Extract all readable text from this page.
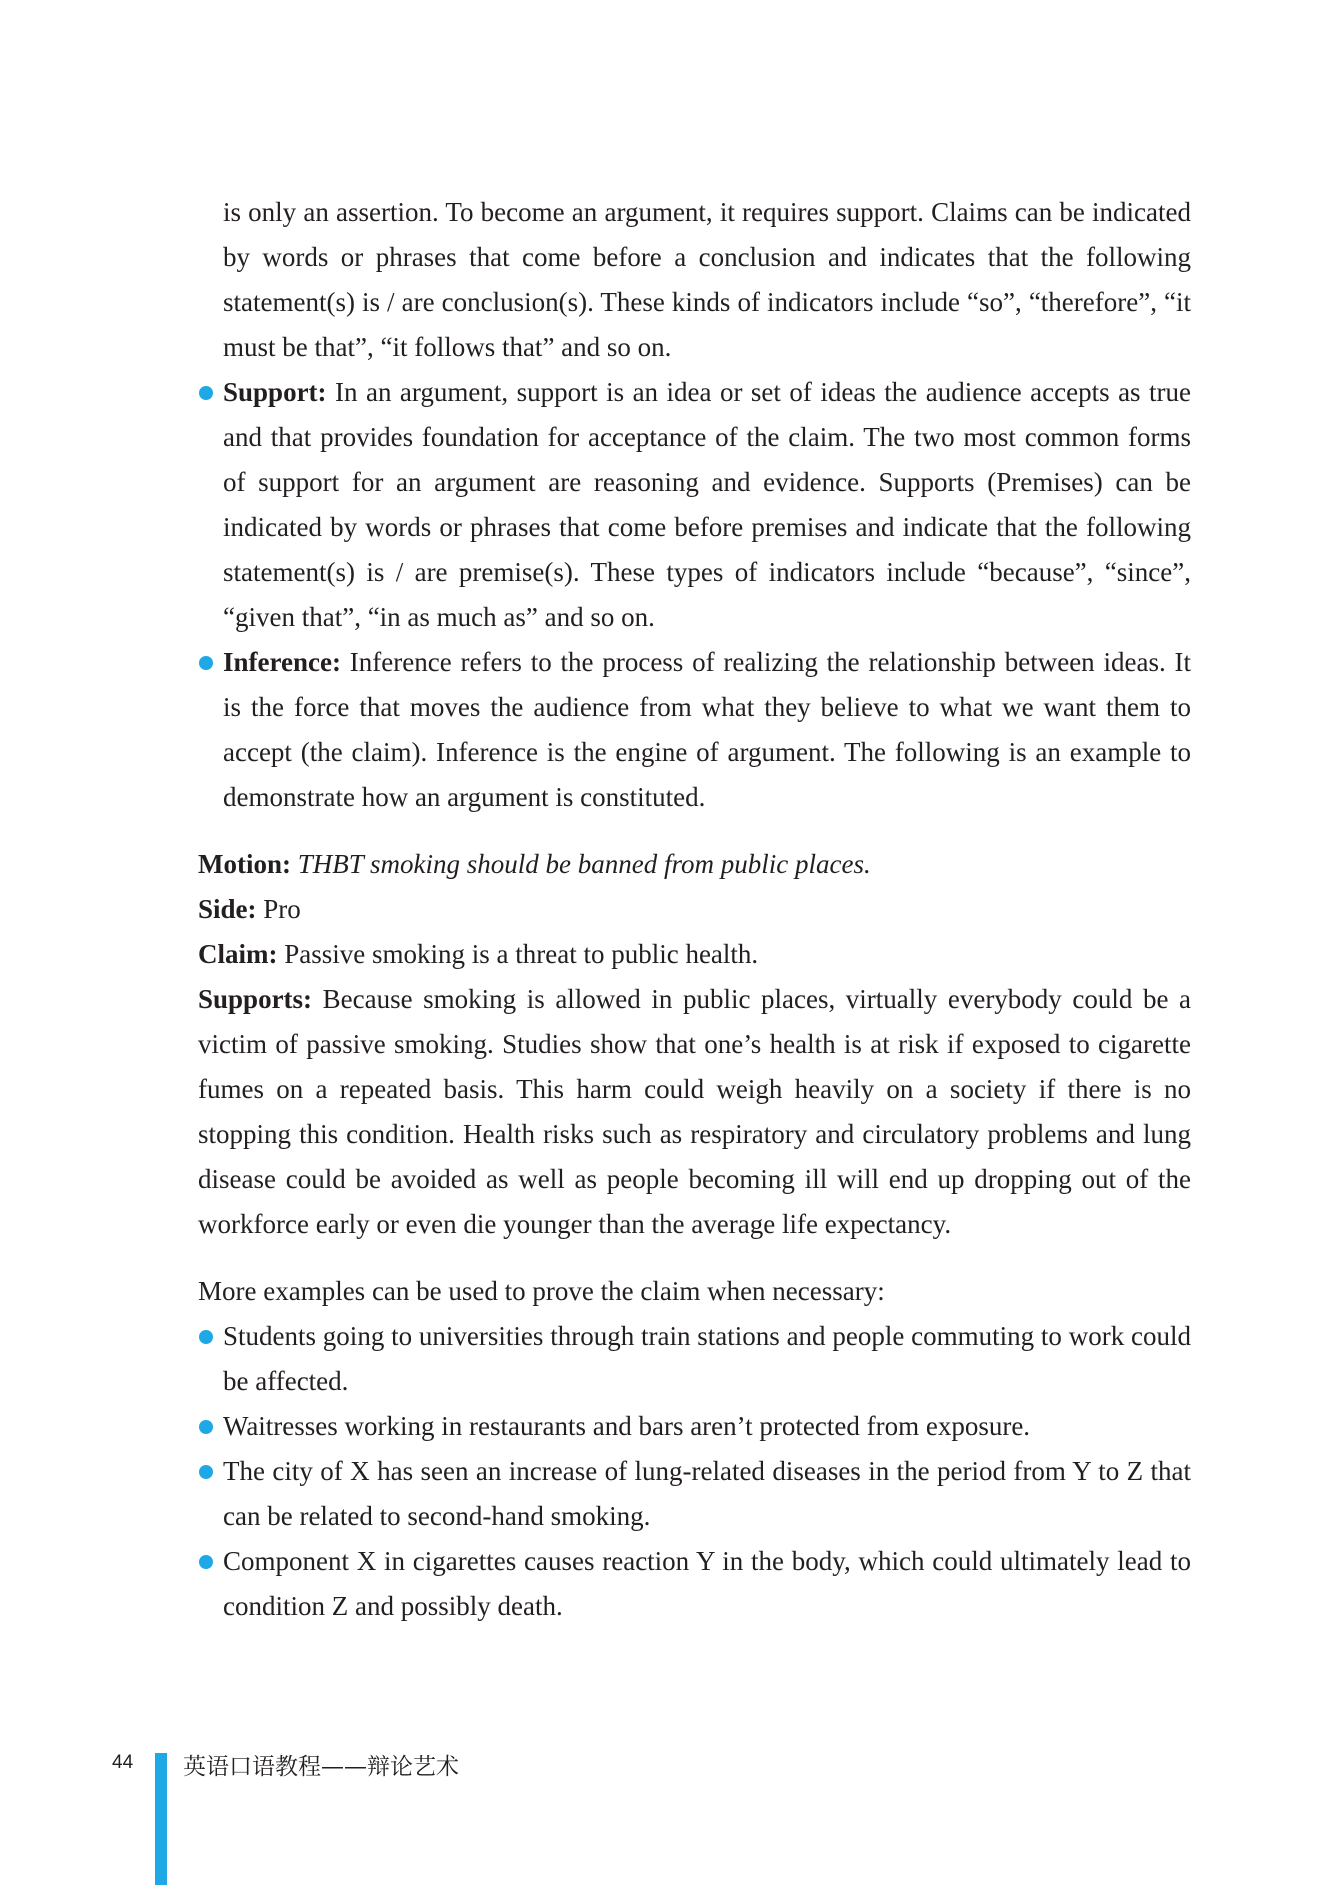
is only an assertion. To become an argument, it requires support. Claims can be indicated by words or phrases that come before a conclusion and indicates that the following statement(s) is / are conclusion(s). These kinds of indicators include “so”, “therefore”, “it must be that”, “it follows that” and so on.

Support: In an argument, support is an idea or set of ideas the audience accepts as true and that provides foundation for acceptance of the claim. The two most common forms of support for an argument are reasoning and evidence. Supports (Premises) can be indicated by words or phrases that come before premises and indicate that the following statement(s) is / are premise(s). These types of indicators include “because”, “since”, “given that”, “in as much as” and so on.
Inference: Inference refers to the process of realizing the relationship between ideas. It is the force that moves the audience from what they believe to what we want them to accept (the claim). Inference is the engine of argument. The following is an example to demonstrate how an argument is constituted.
Motion: THBT smoking should be banned from public places.
Side: Pro
Claim: Passive smoking is a threat to public health.
Supports: Because smoking is allowed in public places, virtually everybody could be a victim of passive smoking. Studies show that one’s health is at risk if exposed to cigarette fumes on a repeated basis. This harm could weigh heavily on a society if there is no stopping this condition. Health risks such as respiratory and circulatory problems and lung disease could be avoided as well as people becoming ill will end up dropping out of the workforce early or even die younger than the average life expectancy.

More examples can be used to prove the claim when necessary:

Students going to universities through train stations and people commuting to work could be affected.
Waitresses working in restaurants and bars aren’t protected from exposure.
The city of X has seen an increase of lung-related diseases in the period from Y to Z that can be related to second-hand smoking.
Component X in cigarettes causes reaction Y in the body, which could ultimately lead to condition Z and possibly death.
44 英语口语教程——辩论艺术
